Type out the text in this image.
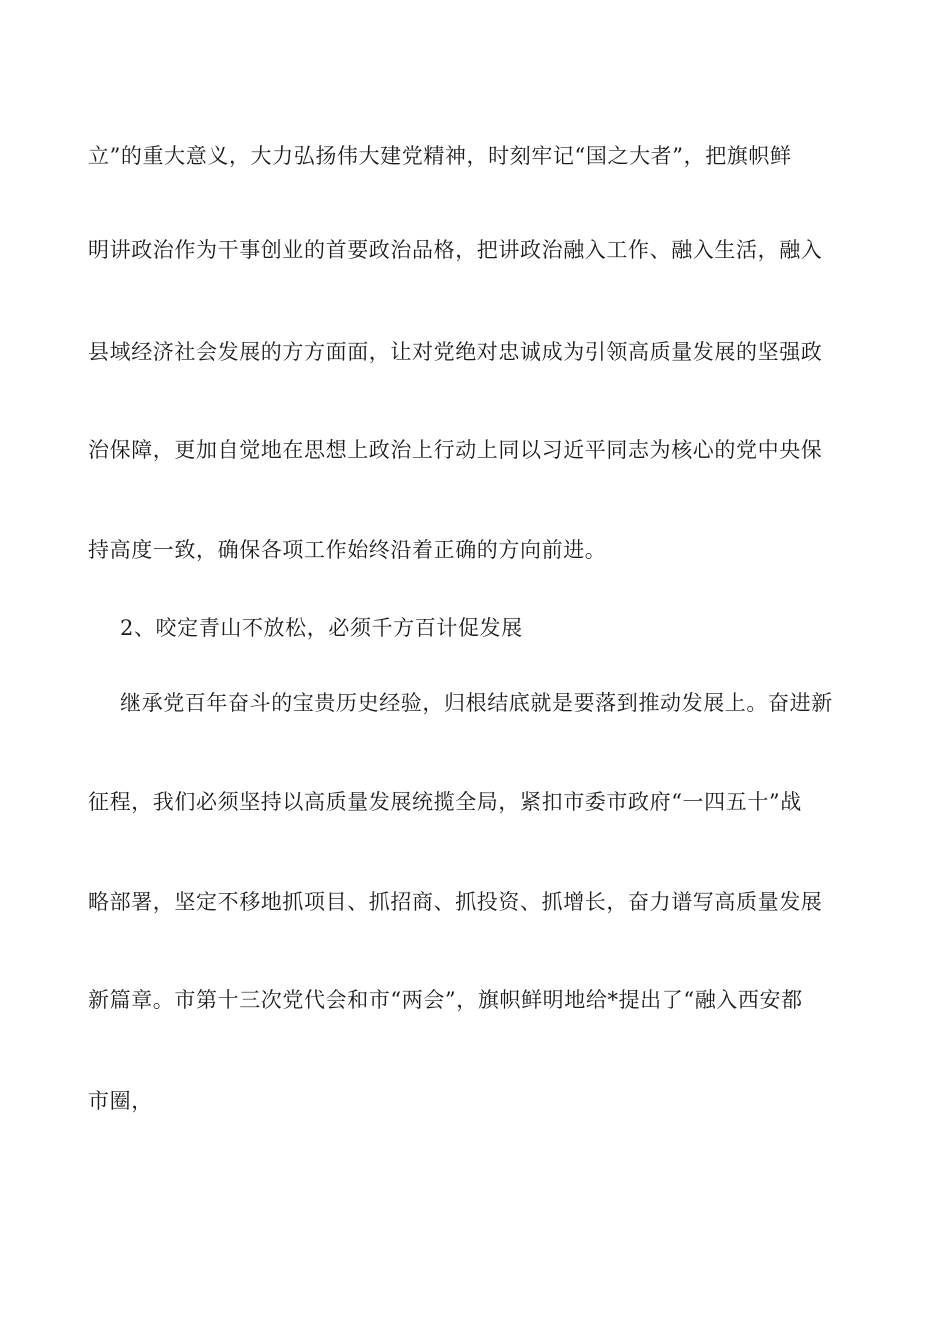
立”的重大意义，大力弘扬伟大建党精神，时刻牢记“国之大者”，把旗帜鲜
明讲政治作为干事创业的首要政治品格，把讲政治融入工作、融入生活，融入
县域经济社会发展的方方面面，让对党绝对忠诚成为引领高质量发展的坚强政
治保障，更加自觉地在思想上政治上行动上同以习近平同志为核心的党中央保
持高度一致，确保各项工作始终沿着正确的方向前进。
2、咬定青山不放松，必须千方百计促发展
继承党百年奋斗的宝贵历史经验，归根结底就是要落到推动发展上。奋进新
征程，我们必须坚持以高质量发展统揽全局，紧扣市委市政府“一四五十”战
略部署，坚定不移地抓项目、抓招商、抓投资、抓增长，奋力谱写高质量发展
新篇章。市第十三次党代会和市“两会”，旗帜鲜明地给*提出了“融入西安都
市圈，
